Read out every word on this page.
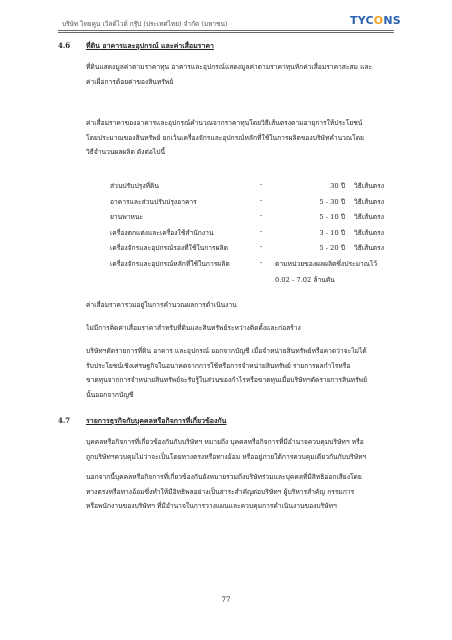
บริษัท ไทยคูน เวิลด์ไวด์ กรุ๊ป (ประเทศไทย) จำกัด (มหาชน)	TYCONS
4.6 ที่ดิน อาคารและอุปกรณ์ และค่าเสื่อมราคา
ที่ดินแสดงมูลค่าตามราคาทุน อาคารและอุปกรณ์แสดงมูลค่าตามราคาทุนหักค่าเสื่อมราคาสะสม และ
ค่าเผื่อการด้อยค่าของสินทรัพย์
ค่าเสื่อมราคาของอาคารและอุปกรณ์คำนวณจากราคาทุนโดยวิธีเส้นตรงตามอายุการให้ประโยชน์
โดยประมาณของสินทรัพย์ ยกเว้นเครื่องจักรและอุปกรณ์หลักที่ใช้ในการผลิตของบริษัทคำนวณโดย
วิธีจำนวนผลผลิต ดังต่อไปนี้
ส่วนปรับปรุงที่ดิน	-	30 ปี วิธีเส้นตรง
อาคารและส่วนปรับปรุงอาคาร	-	5 - 30 ปี วิธีเส้นตรง
ยานพาหนะ	-	5 - 10 ปี วิธีเส้นตรง
เครื่องตกแต่งและเครื่องใช้สำนักงาน	-	3 - 10 ปี วิธีเส้นตรง
เครื่องจักรและอุปกรณ์รองที่ใช้ในการผลิต	-	5 - 20 ปี วิธีเส้นตรง
เครื่องจักรและอุปกรณ์หลักที่ใช้ในการผลิต	- ตามหน่วยของผลผลิตซึ่งประมาณไว้
0.02 - 7.02 ล้านตัน
ค่าเสื่อมราคารวมอยู่ในการคำนวณผลการดำเนินงาน
ไม่มีการคิดค่าเสื่อมราคาสำหรับที่ดินและสินทรัพย์ระหว่างติดตั้งและก่อสร้าง
บริษัทฯตัดรายการที่ดิน อาคาร และอุปกรณ์ ออกจากบัญชี เมื่อจำหน่ายสินทรัพย์หรือคาดว่าจะไม่ได้
รับประโยชน์เชิงเศรษฐกิจในอนาคตจากการใช้หรือการจำหน่ายสินทรัพย์ รายการผลกำไรหรือ
ขาดทุนจากการจำหน่ายสินทรัพย์จะรับรู้ในส่วนของกำไรหรือขาดทุนเมื่อบริษัทฯตัดรายการสินทรัพย์
นั้นออกจากบัญชี
4.7 รายการธุรกิจกับบุคคลหรือกิจการที่เกี่ยวข้องกัน
บุคคลหรือกิจการที่เกี่ยวข้องกันกับบริษัทฯ หมายถึง บุคคลหรือกิจการที่มีอำนาจควบคุมบริษัทฯ หรือ
ถูกบริษัทฯควบคุมไม่ว่าจะเป็นโดยทางตรงหรือทางอ้อม หรืออยู่ภายใต้การควบคุมเดียวกันกับบริษัทฯ
นอกจากนี้บุคคลหรือกิจการที่เกี่ยวข้องกันยังหมายรวมถึงบริษัทร่วมและบุคคลที่มีสิทธิออกเสียงโดย
ทางตรงหรือทางอ้อมซึ่งทำให้มีอิทธิพลอย่างเป็นสาระสำคัญต่อบริษัทฯ ผู้บริหารสำคัญ กรรมการ
หรือพนักงานของบริษัทฯ ที่มีอำนาจในการวางแผนและควบคุมการดำเนินงานของบริษัทฯ
77
